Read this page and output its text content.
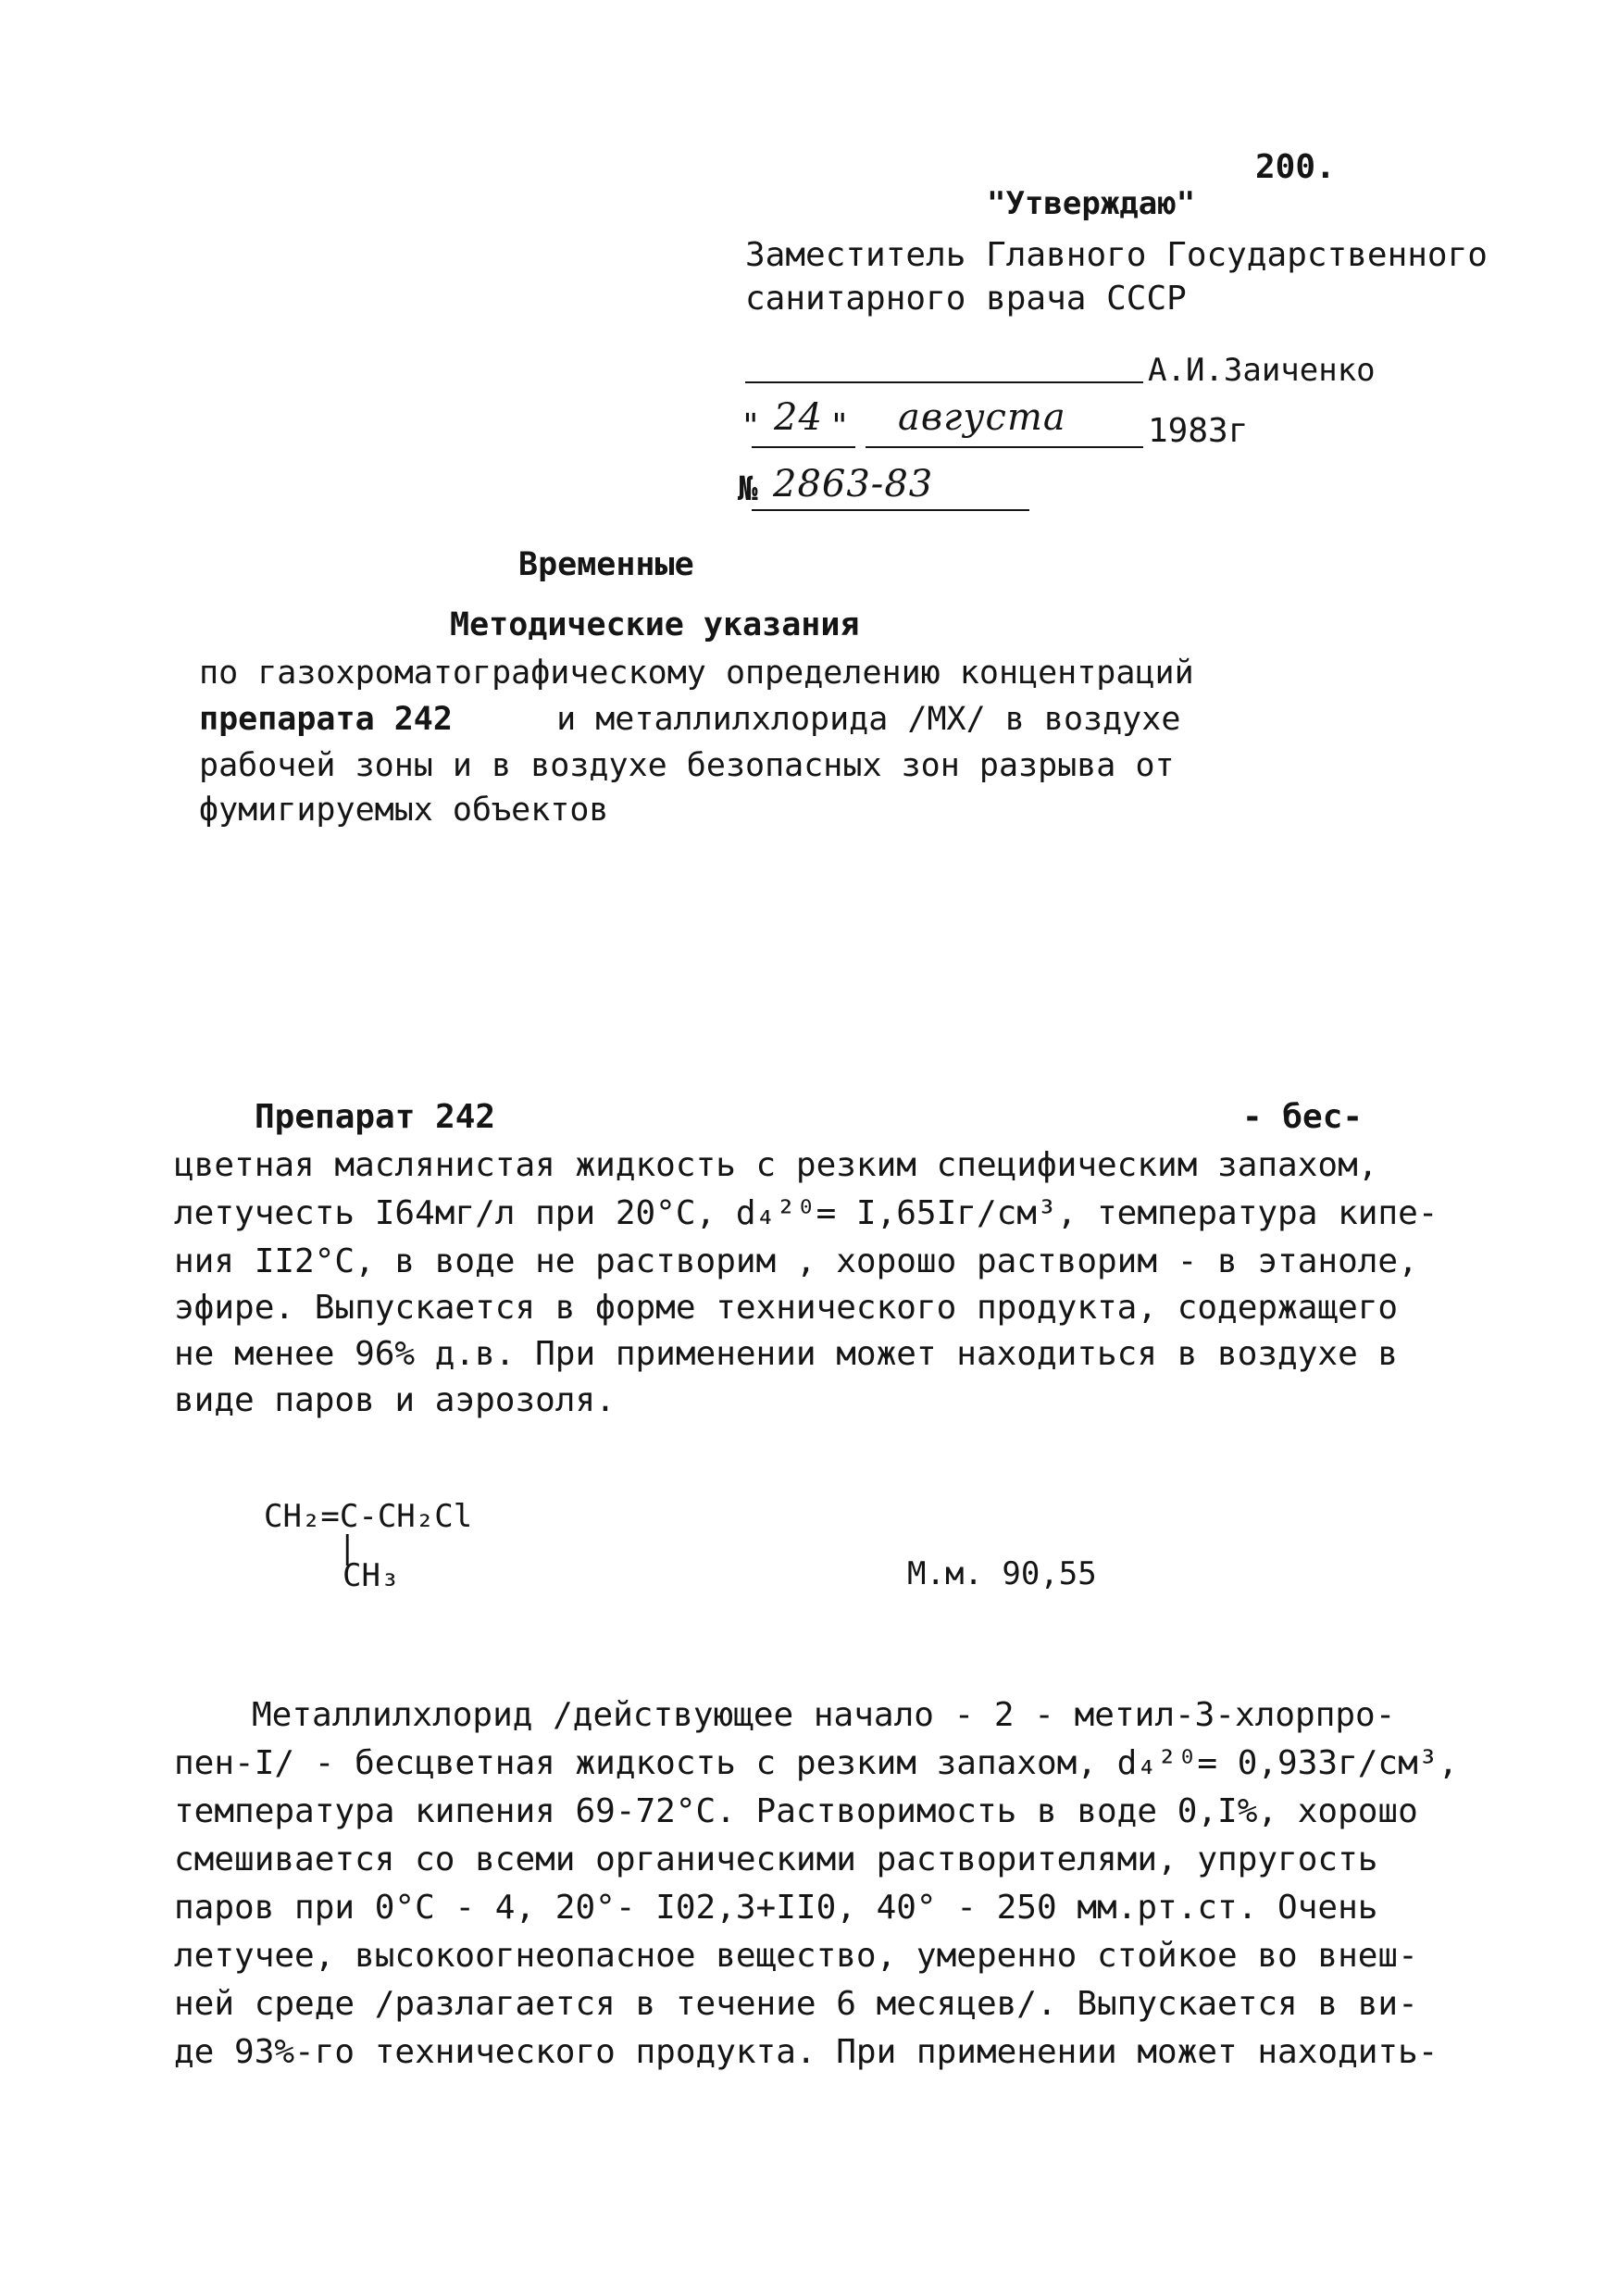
200.
"Утверждаю"
Заместитель Главного Государственного
санитарного врача СССР
А.И.Заиченко
" 24 " августа 1983г
№ 2863-83
Временные
Методические указания
по газохроматографическому определению концентраций
препарата 242	и металлилхлорида /МХ/ в воздухе
рабочей зоны и в воздухе безопасных зон разрыва от
фумигируемых объектов
Препарат 242	- бес-
цветная маслянистая жидкость с резким специфическим запахом,
летучесть I64мг/л при 20°С, d₄²⁰= I,65Iг/см³, температура кипе-
ния II2°С, в воде не растворим , хорошо растворим - в этаноле,
эфире. Выпускается в форме технического продукта, содержащего
не менее 96% д.в. При применении может находиться в воздухе в
виде паров и аэрозоля.
CH₂=C-CH₂Cl
|
CH₃	М.м. 90,55
Металлилхлорид /действующее начало - 2 - метил-3-хлорпро-
пен-I/ - бесцветная жидкость с резким запахом, d₄²⁰= 0,933г/см³,
температура кипения 69-72°С. Растворимость в воде 0,I%, хорошо
смешивается со всеми органическими растворителями, упругость
паров при 0°С - 4, 20°- I02,3+II0, 40° - 250 мм.рт.ст. Очень
летучее, высокоогнеопасное вещество, умеренно стойкое во внеш-
ней среде /разлагается в течение 6 месяцев/. Выпускается в ви-
де 93%-го технического продукта. При применении может находить-
